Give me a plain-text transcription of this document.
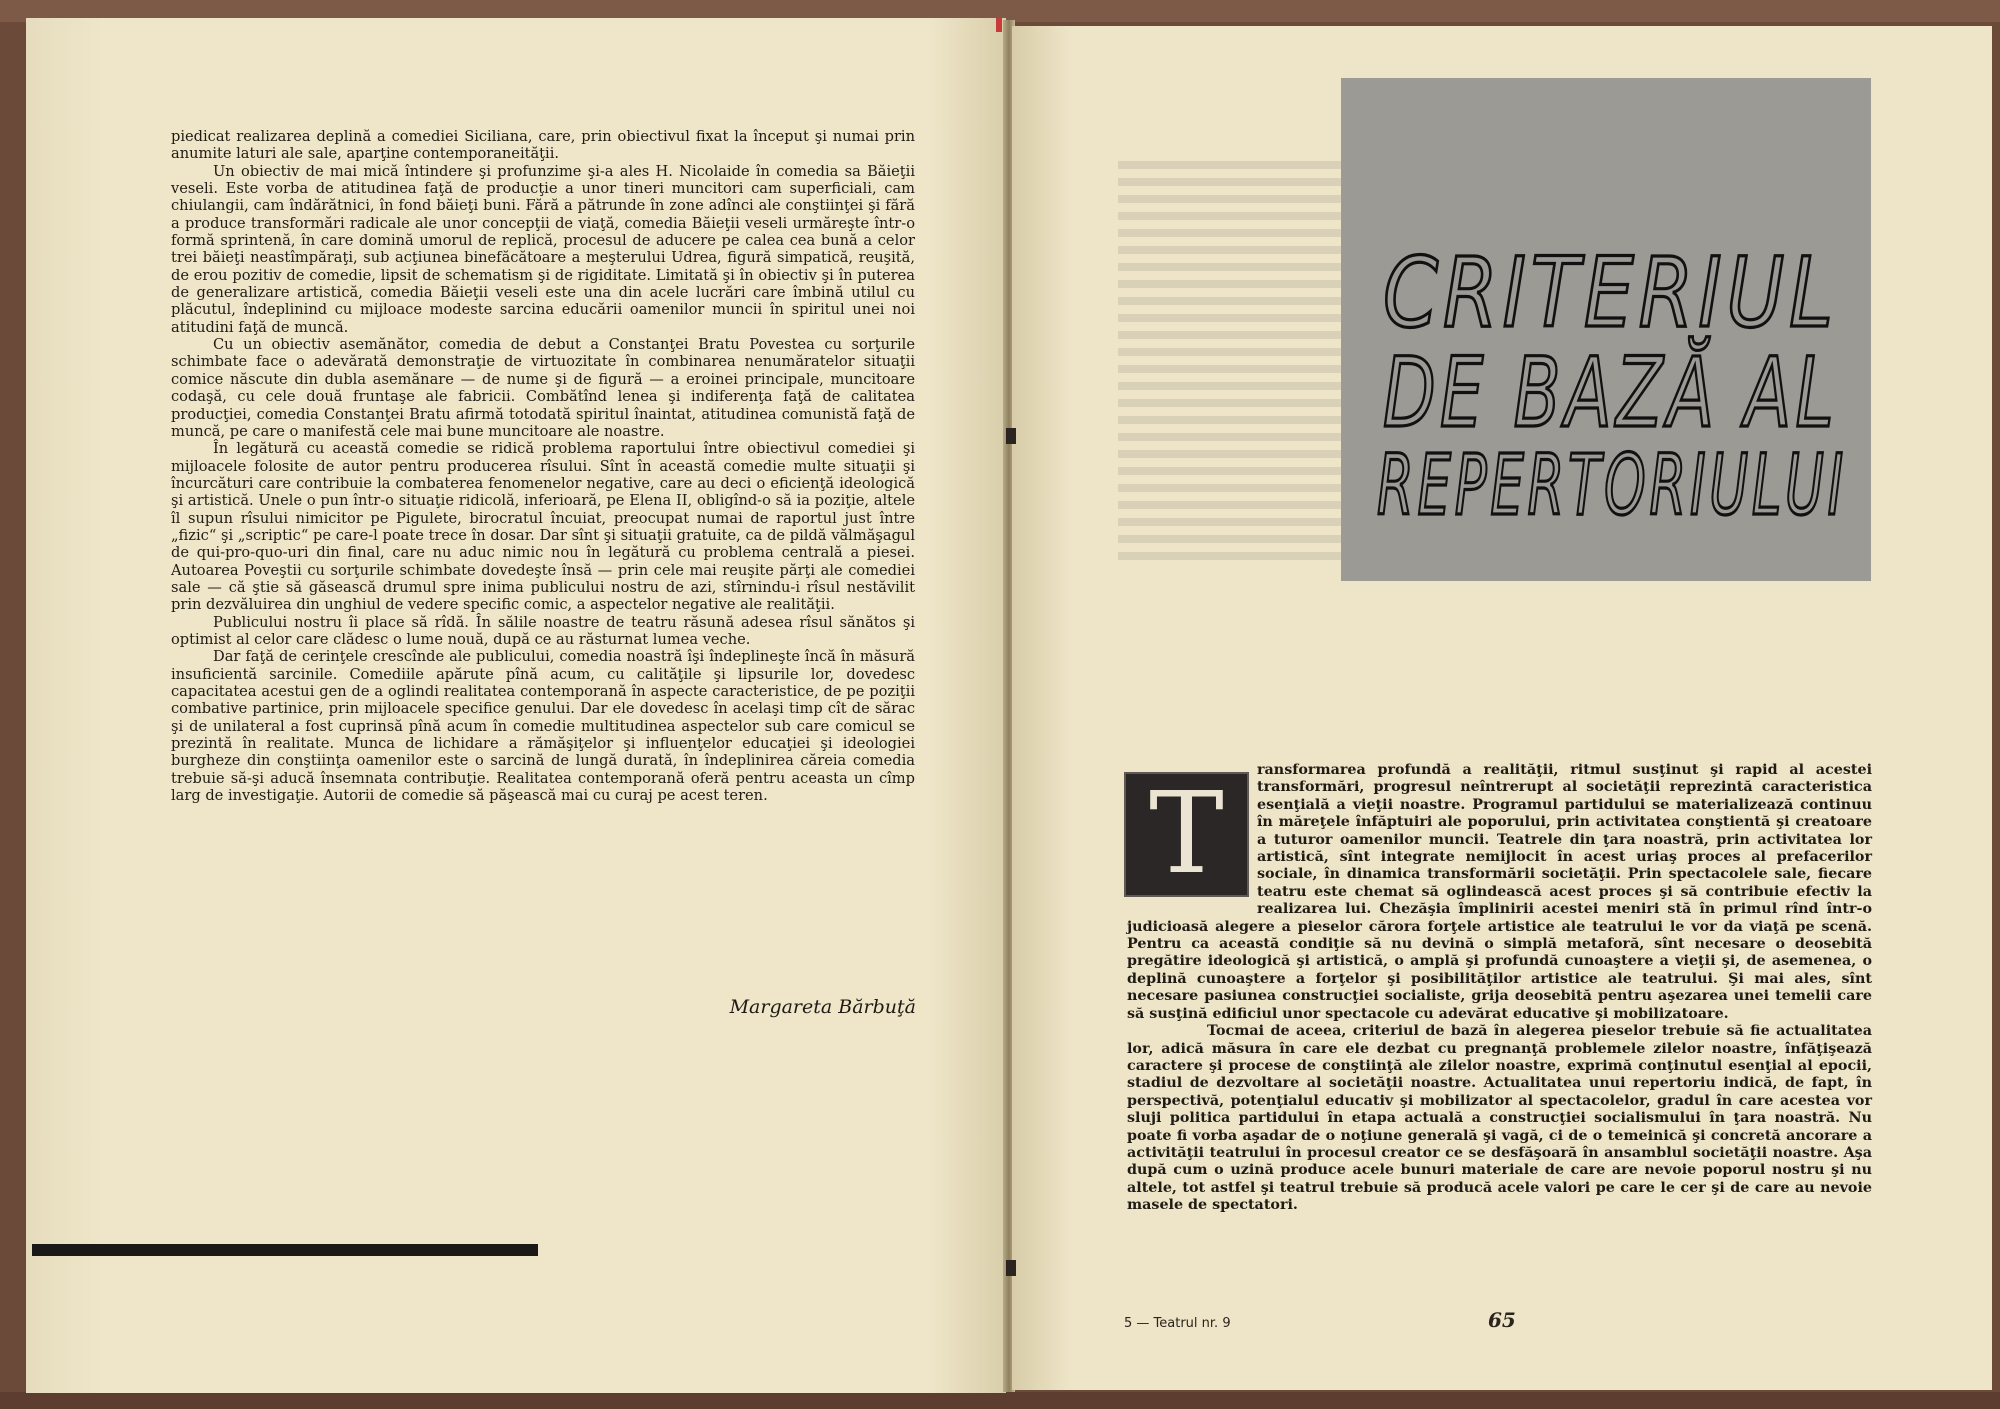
piedicat realizarea deplină a comediei Siciliana, care, prin obiectivul fixat la început şi numai prin anumite laturi ale sale, aparţine contemporaneităţii.

Un obiectiv de mai mică întindere şi profunzime şi-a ales H. Nicolaide în comedia sa Băieţii veseli. Este vorba de atitudinea faţă de producţie a unor tineri muncitori cam superficiali, cam chiulangii, cam îndărătnici, în fond băieţi buni. Fără a pătrunde în zone adînci ale conştiinţei şi fără a produce transformări radicale ale unor concepţii de viaţă, comedia Băieţii veseli urmăreşte într-o formă sprintenă, în care domină umorul de replică, procesul de aducere pe calea cea bună a celor trei băieţi neastîmpăraţi, sub acţiunea binefăcătoare a meşterului Udrea, figură simpatică, reuşită, de erou pozitiv de comedie, lipsit de schematism şi de rigiditate. Limitată şi în obiectiv şi în puterea de generalizare artistică, comedia Băieţii veseli este una din acele lucrări care îmbină utilul cu plăcutul, îndeplinind cu mijloace modeste sarcina educării oamenilor muncii în spiritul unei noi atitudini faţă de muncă.

Cu un obiectiv asemănător, comedia de debut a Constanţei Bratu Povestea cu sorţurile schimbate face o adevărată demonstraţie de virtuozitate în combinarea nenumăratelor situaţii comice născute din dubla asemănare — de nume şi de figură — a eroinei principale, muncitoare codaşă, cu cele două fruntaşe ale fabricii. Combătînd lenea şi indiferenţa faţă de calitatea producţiei, comedia Constanţei Bratu afirmă totodată spiritul înaintat, atitudinea comunistă faţă de muncă, pe care o manifestă cele mai bune muncitoare ale noastre.

În legătură cu această comedie se ridică problema raportului între obiectivul comediei şi mijloacele folosite de autor pentru producerea rîsului. Sînt în această comedie multe situaţii şi încurcături care contribuie la combaterea fenomenelor negative, care au deci o eficienţă ideologică şi artistică. Unele o pun într-o situaţie ridicolă, inferioară, pe Elena II, obligînd-o să ia poziţie, altele îl supun rîsului nimicitor pe Pigulete, birocratul încuiat, preocupat numai de raportul just între „fizic“ şi „scriptic“ pe care-l poate trece în dosar. Dar sînt şi situaţii gratuite, ca de pildă vălmăşagul de qui-pro-quo-uri din final, care nu aduc nimic nou în legătură cu problema centrală a piesei. Autoarea Poveştii cu sorţurile schimbate dovedeşte însă — prin cele mai reuşite părţi ale comediei sale — că ştie să găsească drumul spre inima publicului nostru de azi, stîrnindu-i rîsul nestăvilit prin dezvăluirea din unghiul de vedere specific comic, a aspectelor negative ale realităţii.

Publicului nostru îi place să rîdă. În sălile noastre de teatru răsună adesea rîsul sănătos şi optimist al celor care clădesc o lume nouă, după ce au răsturnat lumea veche.

Dar faţă de cerinţele crescînde ale publicului, comedia noastră îşi îndeplineşte încă în măsură insuficientă sarcinile. Comediile apărute pînă acum, cu calităţile şi lipsurile lor, dovedesc capacitatea acestui gen de a oglindi realitatea contemporană în aspecte caracteristice, de pe poziţii combative partinice, prin mijloacele specifice genului. Dar ele dovedesc în acelaşi timp cît de sărac şi de unilateral a fost cuprinsă pînă acum în comedie multitudinea aspectelor sub care comicul se prezintă în realitate. Munca de lichidare a rămăşiţelor şi influenţelor educaţiei şi ideologiei burgheze din conştiinţa oamenilor este o sarcină de lungă durată, în îndeplinirea căreia comedia trebuie să-şi aducă însemnata contribuţie. Realitatea contemporană oferă pentru aceasta un cîmp larg de investigaţie. Autorii de comedie să păşească mai cu curaj pe acest teren.

Margareta Bărbuţă
CRITERIUL
DE BAZĂ AL
REPERTORIULUI
T	ransformarea profundă a realităţii, ritmul susţinut şi rapid al acestei transformări, progresul neîntrerupt al societăţii reprezintă caracteristica esenţială a vieţii noastre. Programul partidului se materializează continuu în măreţele înfăptuiri ale poporului, prin activitatea conştientă şi creatoare a tuturor oamenilor muncii. Teatrele din ţara noastră, prin activitatea lor artistică, sînt integrate nemijlocit în acest uriaş proces al prefacerilor sociale, în dinamica transformării societăţii. Prin spectacolele sale, fiecare teatru este chemat să oglindească acest proces şi să contribuie efectiv la realizarea lui. Chezăşia împlinirii acestei meniri stă în primul rînd într-o judicioasă alegere a pieselor cărora forţele artistice ale teatrului le vor da viaţă pe scenă. Pentru ca această condiţie să nu devină o simplă metaforă, sînt necesare o deosebită pregătire ideologică şi artistică, o amplă şi profundă cunoaştere a vieţii şi, de asemenea, o deplină cunoaştere a forţelor şi posibilităţilor artistice ale teatrului. Şi mai ales, sînt necesare pasiunea construcţiei socialiste, grija deosebită pentru aşezarea unei temelii care să susţină edificiul unor spectacole cu adevărat educative şi mobilizatoare.

Tocmai de aceea, criteriul de bază în alegerea pieselor trebuie să fie actualitatea lor, adică măsura în care ele dezbat cu pregnanţă problemele zilelor noastre, înfăţişează caractere şi procese de conştiinţă ale zilelor noastre, exprimă conţinutul esenţial al epocii, stadiul de dezvoltare al societăţii noastre. Actualitatea unui repertoriu indică, de fapt, în perspectivă, potenţialul educativ şi mobilizator al spectacolelor, gradul în care acestea vor sluji politica partidului în etapa actuală a construcţiei socialismului în ţara noastră. Nu poate fi vorba aşadar de o noţiune generală şi vagă, ci de o temeinică şi concretă ancorare a activităţii teatrului în procesul creator ce se desfăşoară în ansamblul societăţii noastre. Aşa după cum o uzină produce acele bunuri materiale de care are nevoie poporul nostru şi nu altele, tot astfel şi teatrul trebuie să producă acele valori pe care le cer şi de care au nevoie masele de spectatori.

5 — Teatrul nr. 9	65
